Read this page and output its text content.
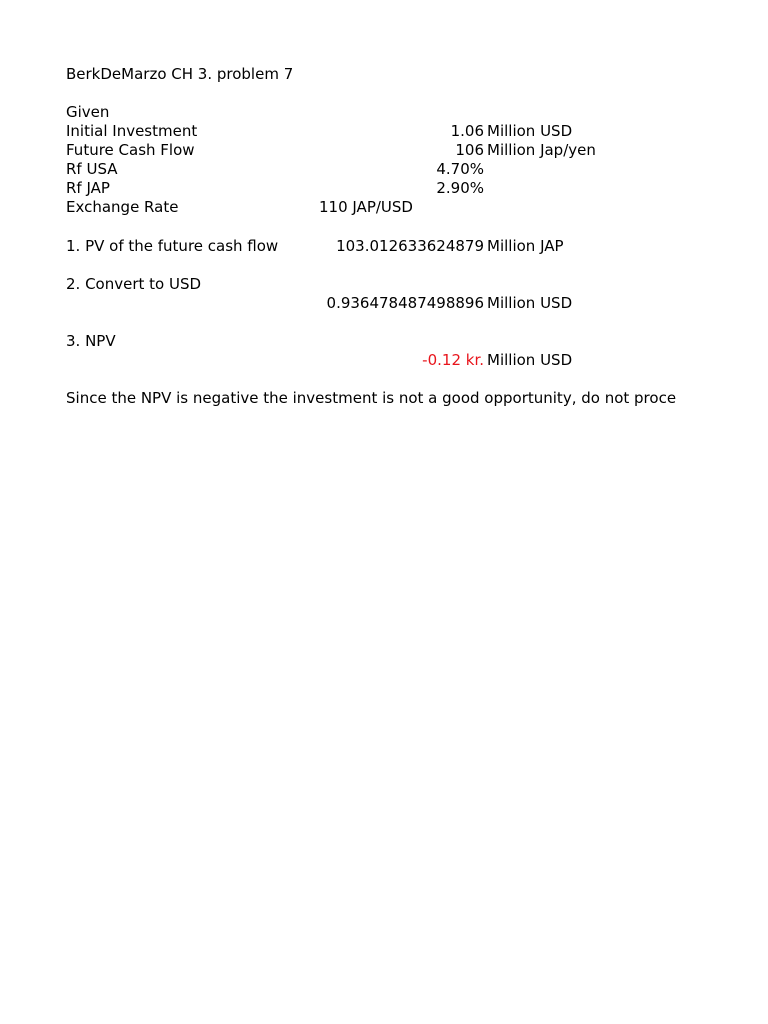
BerkDeMarzo CH 3. problem 7
Given
Initial Investment	1.06 Million USD
Future Cash Flow	106 Million Jap/yen
Rf USA	4.70%
Rf JAP	2.90%
Exchange Rate	110 JAP/USD
1. PV of the future cash flow	103.012633624879 Million JAP
2. Convert to USD
0.936478487498896 Million USD
3. NPV
-0.12 kr. Million USD
Since the NPV is negative the investment is not a good opportunity, do not proce
